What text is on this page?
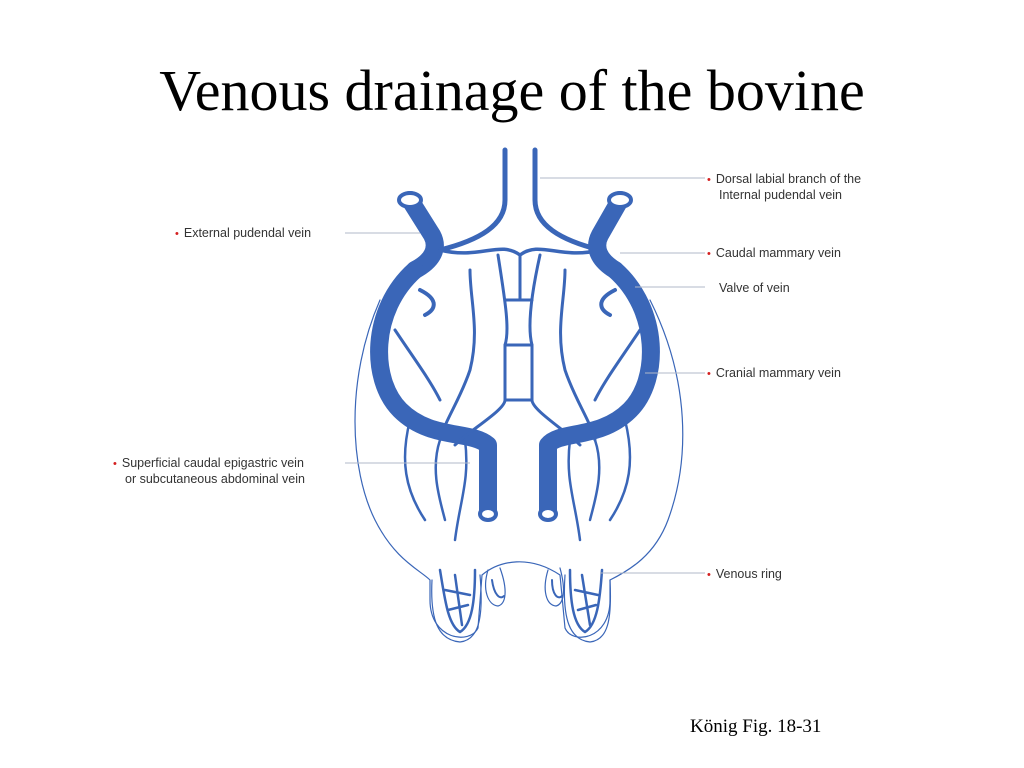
Venous drainage of the bovine
• Dorsal labial branch of the
Internal pudendal vein
• External pudendal vein
• Caudal mammary vein
Valve of vein
• Cranial mammary vein
• Superficial caudal epigastric vein
or subcutaneous abdominal vein
• Venous ring
König Fig. 18-31
